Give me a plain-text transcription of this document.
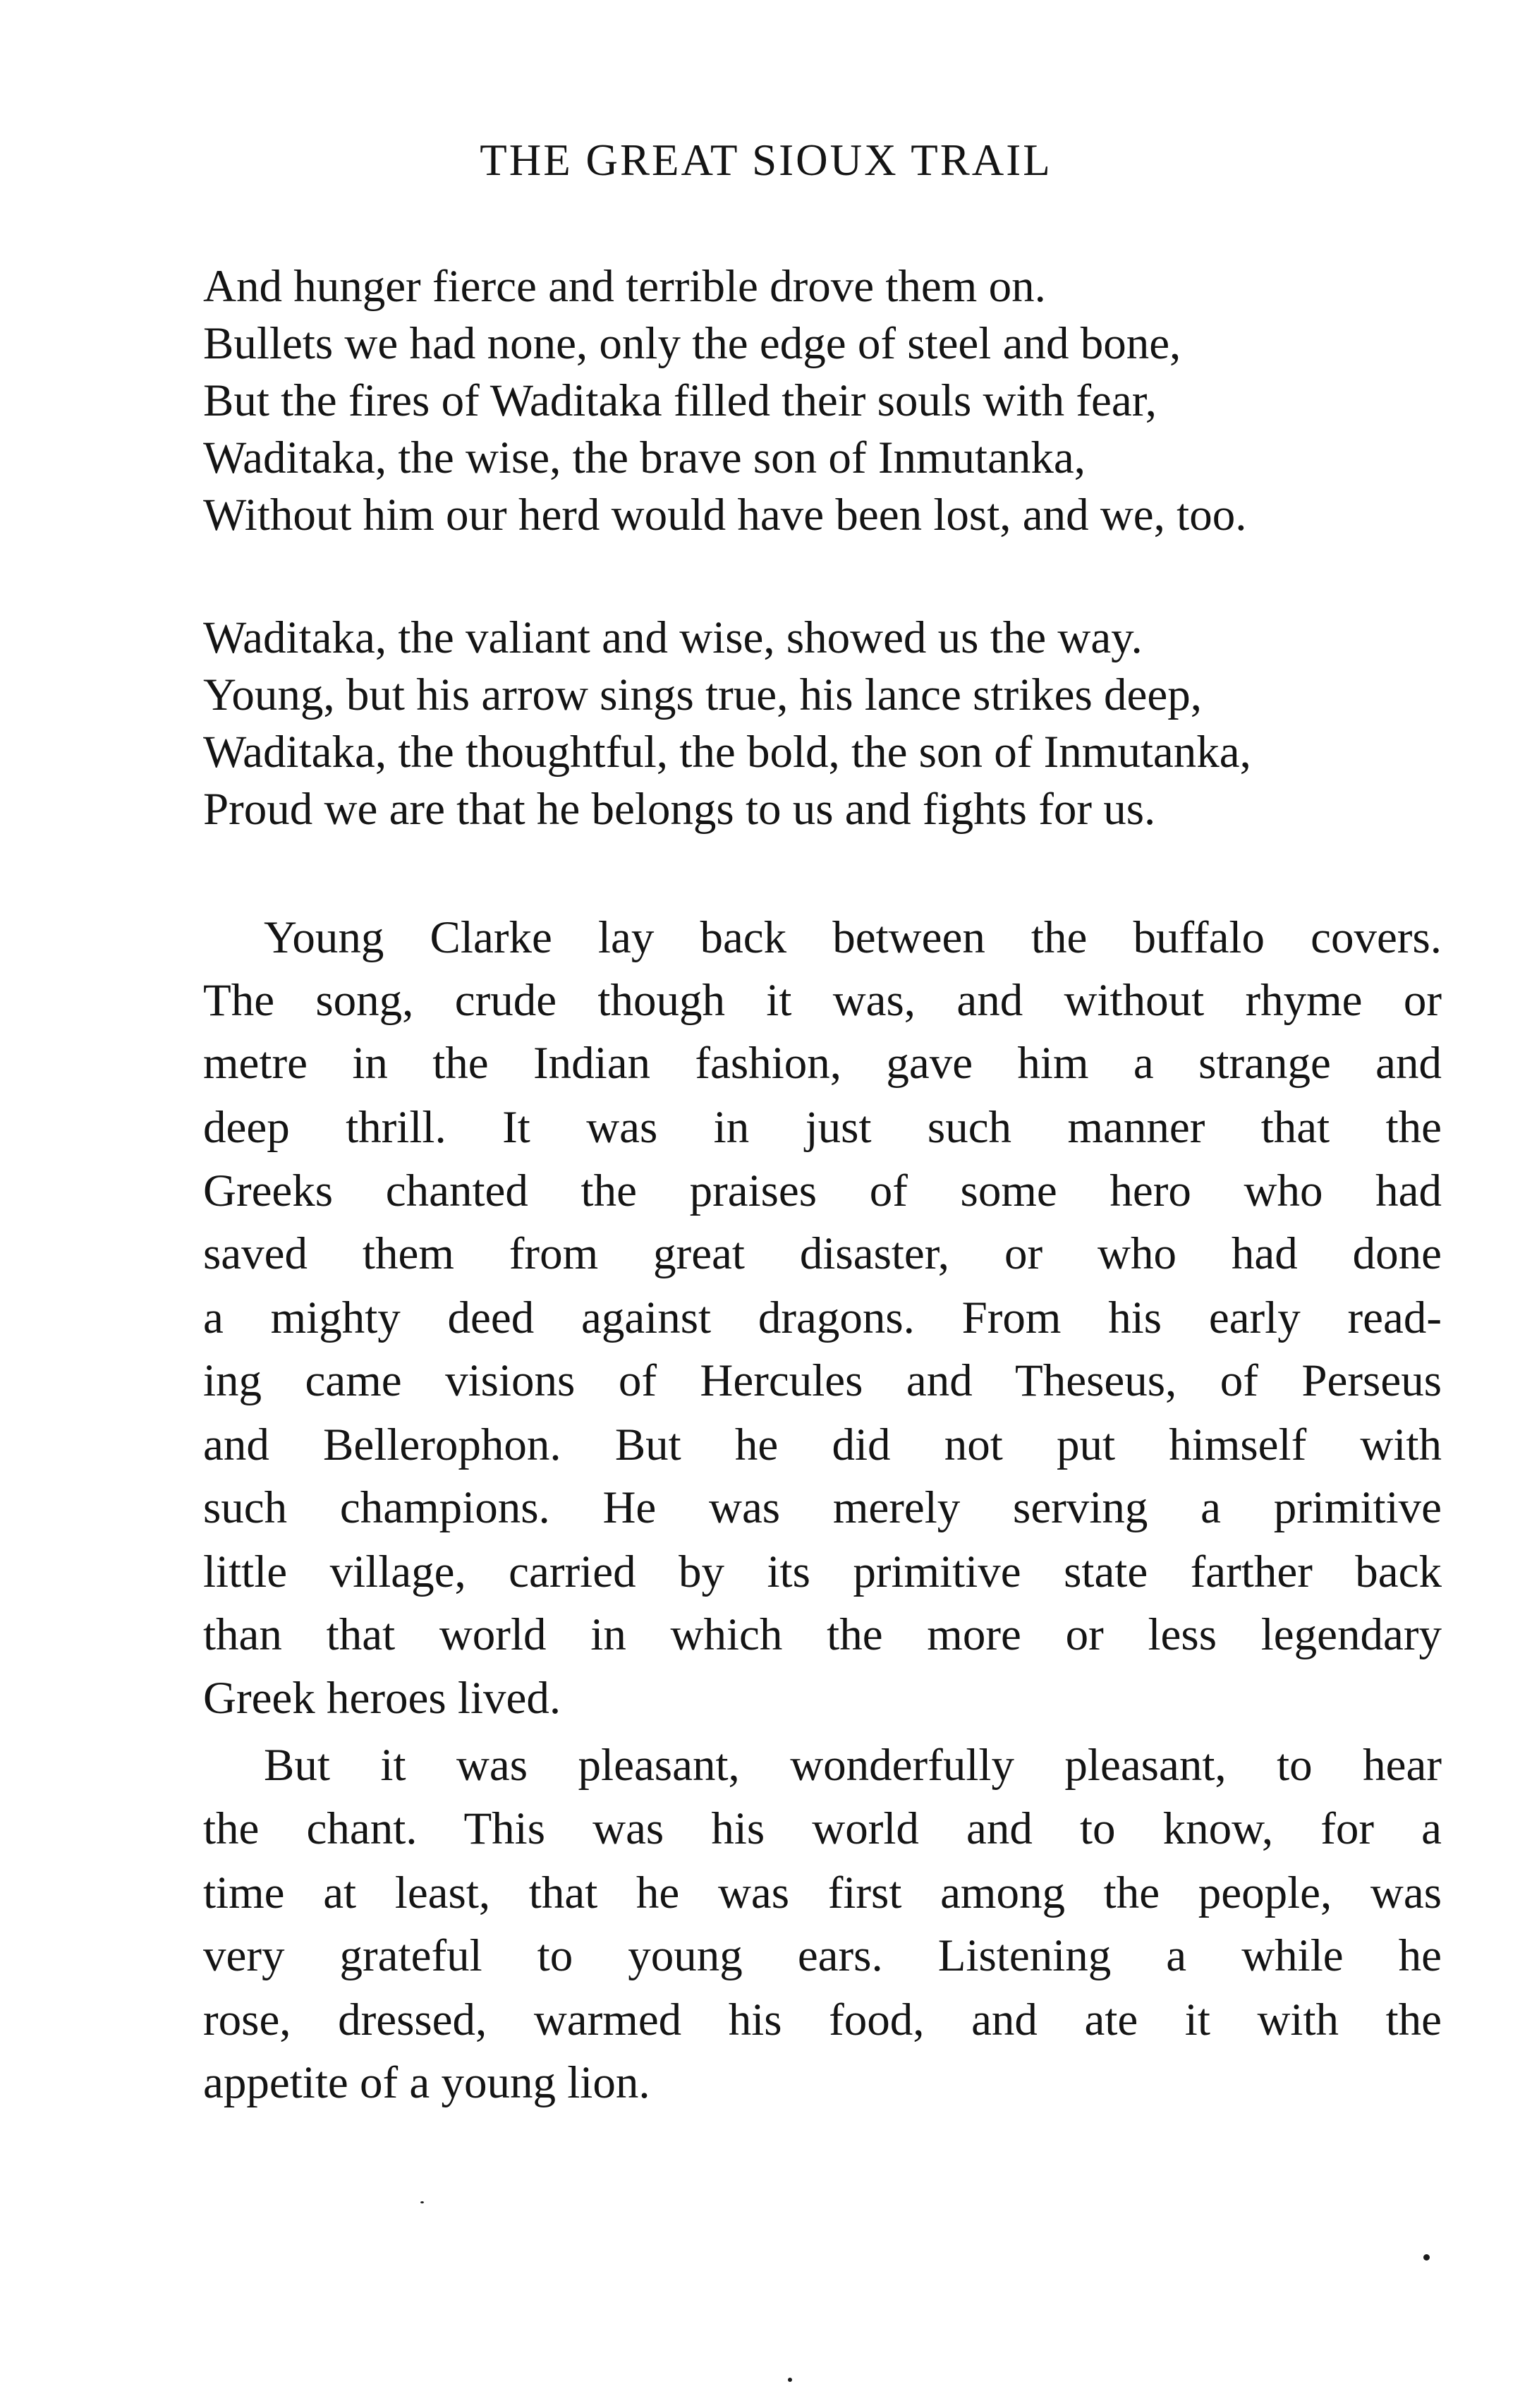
THE GREAT SIOUX TRAIL

And hunger fierce and terrible drove them on.

Bullets we had none, only the edge of steel and bone,

But the fires of Waditaka filled their souls with fear,

Waditaka, the wise, the brave son of Inmutanka,

Without him our herd would have been lost, and we, too.

Waditaka, the valiant and wise, showed us the way.

Young, but his arrow sings true, his lance strikes deep,

Waditaka, the thoughtful, the bold, the son of Inmutanka,

Proud we are that he belongs to us and fights for us.

Young Clarke lay back between the buffalo covers.

The song, crude though it was, and without rhyme or

metre in the Indian fashion, gave him a strange and

deep thrill. It was in just such manner that the

Greeks chanted the praises of some hero who had

saved them from great disaster, or who had done

a mighty deed against dragons. From his early read-

ing came visions of Hercules and Theseus, of Perseus

and Bellerophon. But he did not put himself with

such champions. He was merely serving a primitive

little village, carried by its primitive state farther back

than that world in which the more or less legendary

Greek heroes lived.

But it was pleasant, wonderfully pleasant, to hear

the chant. This was his world and to know, for a

time at least, that he was first among the people, was

very grateful to young ears. Listening a while he

rose, dressed, warmed his food, and ate it with the

appetite of a young lion.
